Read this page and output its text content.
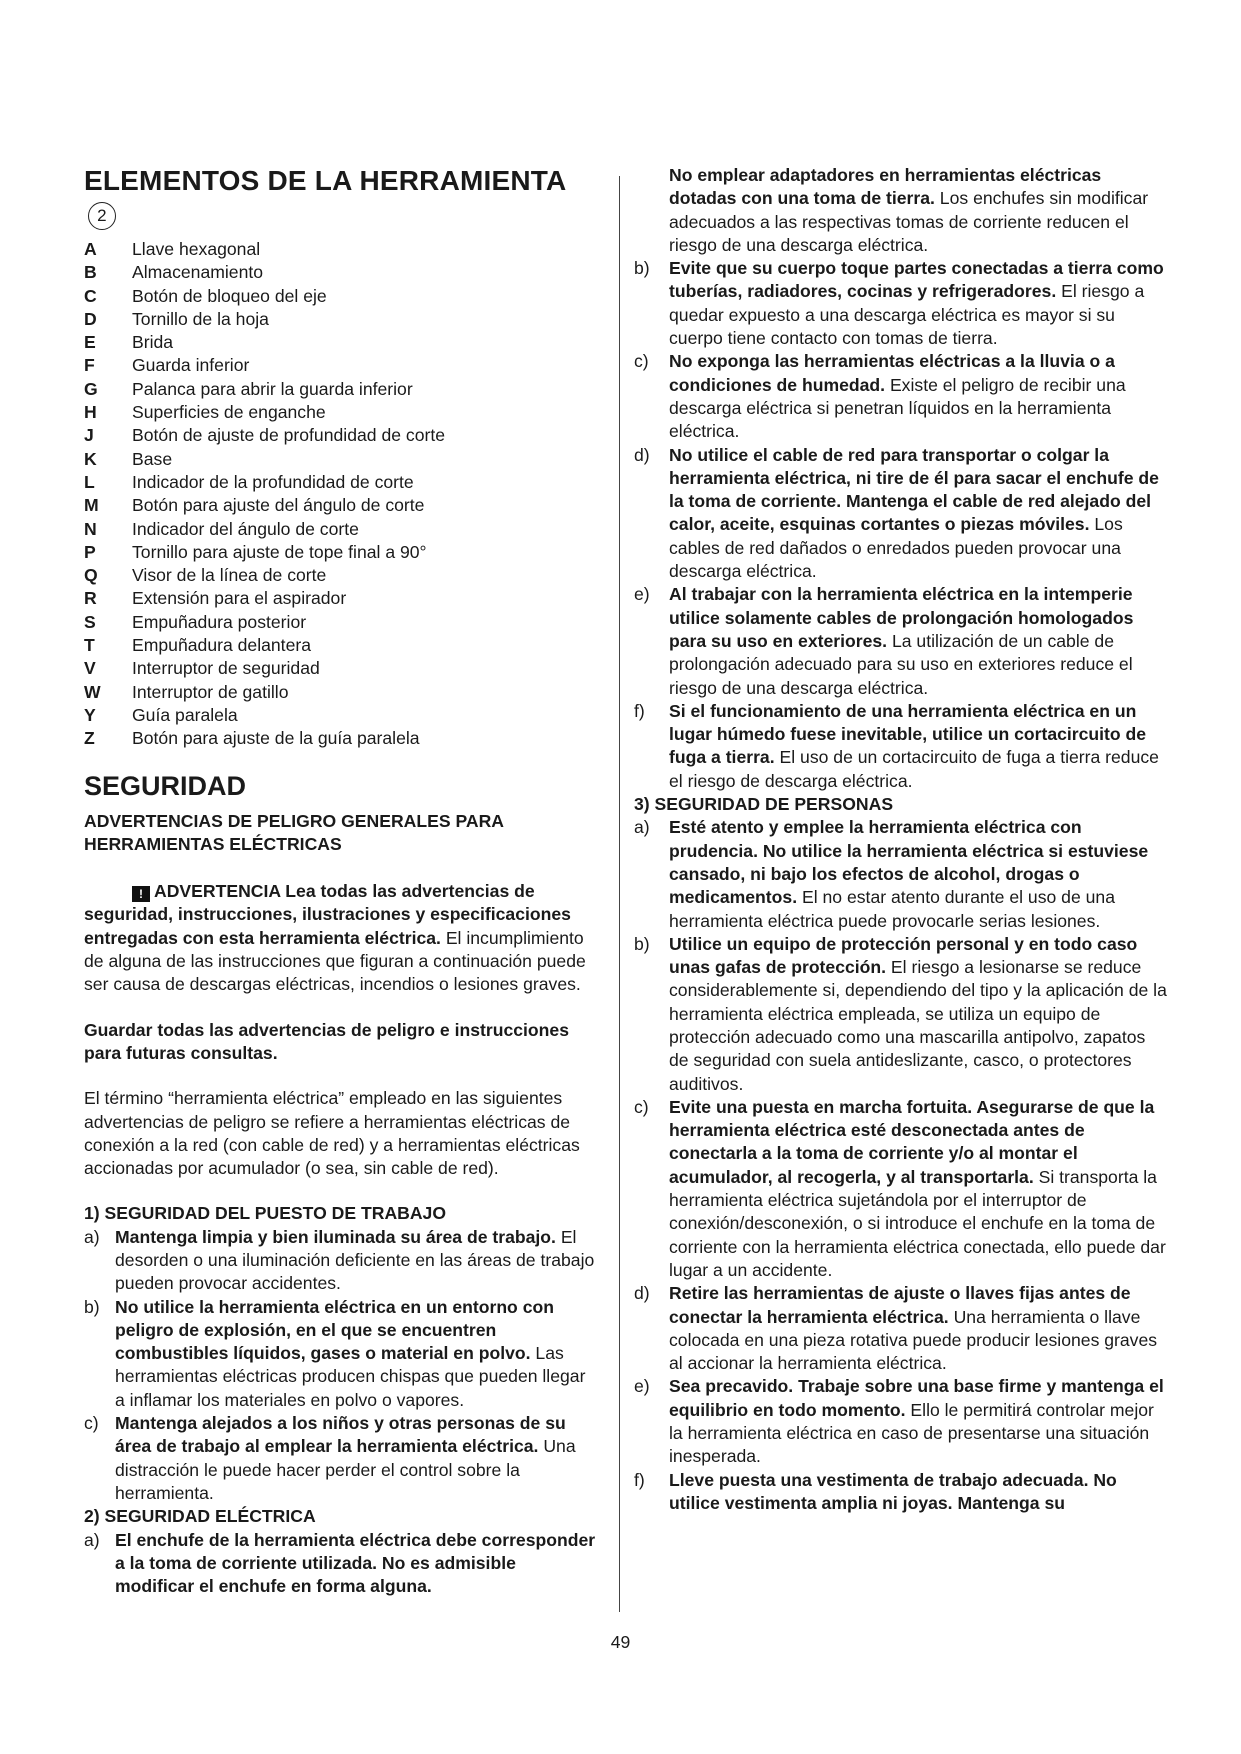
ELEMENTOS DE LA HERRAMIENTA2
A	Llave hexagonal
B	Almacenamiento
C	Botón de bloqueo del eje
D	Tornillo de la hoja
E	Brida
F	Guarda inferior
G	Palanca para abrir la guarda inferior
H	Superficies de enganche
J	Botón de ajuste de profundidad de corte
K	Base
L	Indicador de la profundidad de corte
M	Botón para ajuste del ángulo de corte
N	Indicador del ángulo de corte
P	Tornillo para ajuste de tope final a 90°
Q	Visor de la línea de corte
R	Extensión para el aspirador
S	Empuñadura posterior
T	Empuñadura delantera
V	Interruptor de seguridad
W	Interruptor de gatillo
Y	Guía paralela
Z	Botón para ajuste de la guía paralela
SEGURIDAD

ADVERTENCIAS DE PELIGRO GENERALES PARA HERRAMIENTAS ELÉCTRICAS

! ADVERTENCIA Lea todas las advertencias de seguridad, instrucciones, ilustraciones y especificaciones entregadas con esta herramienta eléctrica. El incumplimiento de alguna de las instrucciones que figuran a continuación puede ser causa de descargas eléctricas, incendios o lesiones graves.

Guardar todas las advertencias de peligro e instrucciones para futuras consultas.

El término “herramienta eléctrica” empleado en las siguientes advertencias de peligro se refiere a herramientas eléctricas de conexión a la red (con cable de red) y a herramientas eléctricas accionadas por acumulador (o sea, sin cable de red).

1) SEGURIDAD DEL PUESTO DE TRABAJO

a) Mantenga limpia y bien iluminada su área de trabajo. El desorden o una iluminación deficiente en las áreas de trabajo pueden provocar accidentes.

b) No utilice la herramienta eléctrica en un entorno con peligro de explosión, en el que se encuentren combustibles líquidos, gases o material en polvo. Las herramientas eléctricas producen chispas que pueden llegar a inflamar los materiales en polvo o vapores.

c) Mantenga alejados a los niños y otras personas de su área de trabajo al emplear la herramienta eléctrica. Una distracción le puede hacer perder el control sobre la herramienta.

2) SEGURIDAD ELÉCTRICA

a) El enchufe de la herramienta eléctrica debe corresponder a la toma de corriente utilizada. No es admisible modificar el enchufe en forma alguna.

No emplear adaptadores en herramientas eléctricas dotadas con una toma de tierra. Los enchufes sin modificar adecuados a las respectivas tomas de corriente reducen el riesgo de una descarga eléctrica.

b) Evite que su cuerpo toque partes conectadas a tierra como tuberías, radiadores, cocinas y refrigeradores. El riesgo a quedar expuesto a una descarga eléctrica es mayor si su cuerpo tiene contacto con tomas de tierra.

c) No exponga las herramientas eléctricas a la lluvia o a condiciones de humedad. Existe el peligro de recibir una descarga eléctrica si penetran líquidos en la herramienta eléctrica.

d) No utilice el cable de red para transportar o colgar la herramienta eléctrica, ni tire de él para sacar el enchufe de la toma de corriente. Mantenga el cable de red alejado del calor, aceite, esquinas cortantes o piezas móviles. Los cables de red dañados o enredados pueden provocar una descarga eléctrica.

e) Al trabajar con la herramienta eléctrica en la intemperie utilice solamente cables de prolongación homologados para su uso en exteriores. La utilización de un cable de prolongación adecuado para su uso en exteriores reduce el riesgo de una descarga eléctrica.

f) Si el funcionamiento de una herramienta eléctrica en un lugar húmedo fuese inevitable, utilice un cortacircuito de fuga a tierra. El uso de un cortacircuito de fuga a tierra reduce el riesgo de descarga eléctrica.

3) SEGURIDAD DE PERSONAS

a) Esté atento y emplee la herramienta eléctrica con prudencia. No utilice la herramienta eléctrica si estuviese cansado, ni bajo los efectos de alcohol, drogas o medicamentos. El no estar atento durante el uso de una herramienta eléctrica puede provocarle serias lesiones.

b) Utilice un equipo de protección personal y en todo caso unas gafas de protección. El riesgo a lesionarse se reduce considerablemente si, dependiendo del tipo y la aplicación de la herramienta eléctrica empleada, se utiliza un equipo de protección adecuado como una mascarilla antipolvo, zapatos de seguridad con suela antideslizante, casco, o protectores auditivos.

c) Evite una puesta en marcha fortuita. Asegurarse de que la herramienta eléctrica esté desconectada antes de conectarla a la toma de corriente y/o al montar el acumulador, al recogerla, y al transportarla. Si transporta la herramienta eléctrica sujetándola por el interruptor de conexión/desconexión, o si introduce el enchufe en la toma de corriente con la herramienta eléctrica conectada, ello puede dar lugar a un accidente.

d) Retire las herramientas de ajuste o llaves fijas antes de conectar la herramienta eléctrica. Una herramienta o llave colocada en una pieza rotativa puede producir lesiones graves al accionar la herramienta eléctrica.

e) Sea precavido. Trabaje sobre una base firme y mantenga el equilibrio en todo momento. Ello le permitirá controlar mejor la herramienta eléctrica en caso de presentarse una situación inesperada.

f) Lleve puesta una vestimenta de trabajo adecuada. No utilice vestimenta amplia ni joyas. Mantenga su

49
